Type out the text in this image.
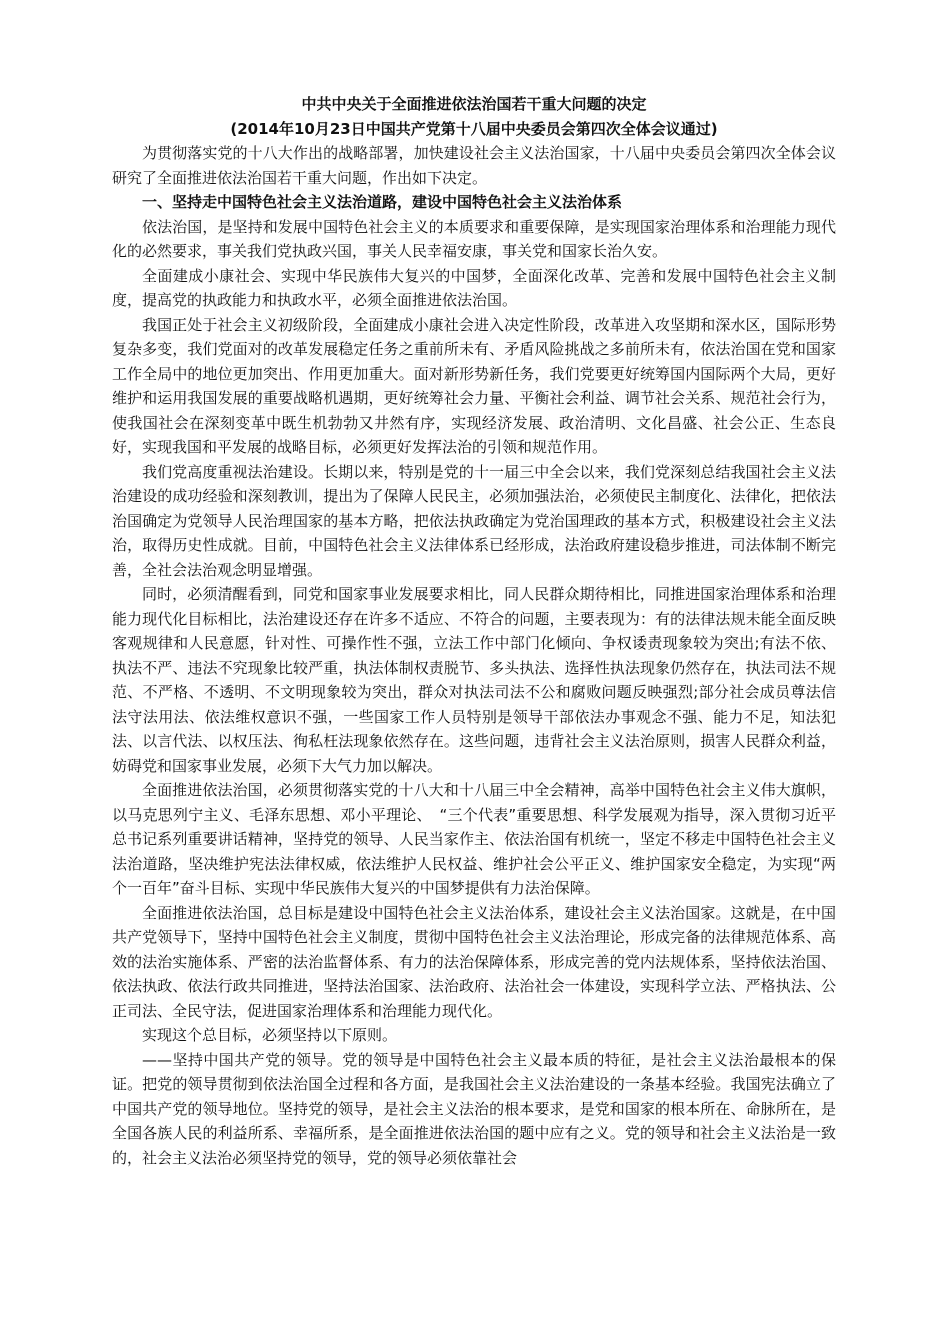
中共中央关于全面推进依法治国若干重大问题的决定
(2014年10月23日中国共产党第十八届中央委员会第四次全体会议通过)

为贯彻落实党的十八大作出的战略部署，加快建设社会主义法治国家，十八届中央委员会第四次全体会议研究了全面推进依法治国若干重大问题，作出如下决定。

一、坚持走中国特色社会主义法治道路，建设中国特色社会主义法治体系

依法治国，是坚持和发展中国特色社会主义的本质要求和重要保障，是实现国家治理体系和治理能力现代化的必然要求，事关我们党执政兴国，事关人民幸福安康，事关党和国家长治久安。

全面建成小康社会、实现中华民族伟大复兴的中国梦，全面深化改革、完善和发展中国特色社会主义制度，提高党的执政能力和执政水平，必须全面推进依法治国。

我国正处于社会主义初级阶段，全面建成小康社会进入决定性阶段，改革进入攻坚期和深水区，国际形势复杂多变，我们党面对的改革发展稳定任务之重前所未有、矛盾风险挑战之多前所未有，依法治国在党和国家工作全局中的地位更加突出、作用更加重大。面对新形势新任务，我们党要更好统筹国内国际两个大局，更好维护和运用我国发展的重要战略机遇期，更好统筹社会力量、平衡社会利益、调节社会关系、规范社会行为，使我国社会在深刻变革中既生机勃勃又井然有序，实现经济发展、政治清明、文化昌盛、社会公正、生态良好，实现我国和平发展的战略目标，必须更好发挥法治的引领和规范作用。

我们党高度重视法治建设。长期以来，特别是党的十一届三中全会以来，我们党深刻总结我国社会主义法治建设的成功经验和深刻教训，提出为了保障人民民主，必须加强法治，必须使民主制度化、法律化，把依法治国确定为党领导人民治理国家的基本方略，把依法执政确定为党治国理政的基本方式，积极建设社会主义法治，取得历史性成就。目前，中国特色社会主义法律体系已经形成，法治政府建设稳步推进，司法体制不断完善，全社会法治观念明显增强。

同时，必须清醒看到，同党和国家事业发展要求相比，同人民群众期待相比，同推进国家治理体系和治理能力现代化目标相比，法治建设还存在许多不适应、不符合的问题，主要表现为：有的法律法规未能全面反映客观规律和人民意愿，针对性、可操作性不强，立法工作中部门化倾向、争权诿责现象较为突出;有法不依、执法不严、违法不究现象比较严重，执法体制权责脱节、多头执法、选择性执法现象仍然存在，执法司法不规范、不严格、不透明、不文明现象较为突出，群众对执法司法不公和腐败问题反映强烈;部分社会成员尊法信法守法用法、依法维权意识不强，一些国家工作人员特别是领导干部依法办事观念不强、能力不足，知法犯法、以言代法、以权压法、徇私枉法现象依然存在。这些问题，违背社会主义法治原则，损害人民群众利益，妨碍党和国家事业发展，必须下大气力加以解决。

全面推进依法治国，必须贯彻落实党的十八大和十八届三中全会精神，高举中国特色社会主义伟大旗帜，以马克思列宁主义、毛泽东思想、邓小平理论、　“三个代表”重要思想、科学发展观为指导，深入贯彻习近平总书记系列重要讲话精神，坚持党的领导、人民当家作主、依法治国有机统一，坚定不移走中国特色社会主义法治道路，坚决维护宪法法律权威，依法维护人民权益、维护社会公平正义、维护国家安全稳定，为实现“两个一百年”奋斗目标、实现中华民族伟大复兴的中国梦提供有力法治保障。

全面推进依法治国，总目标是建设中国特色社会主义法治体系，建设社会主义法治国家。这就是，在中国共产党领导下，坚持中国特色社会主义制度，贯彻中国特色社会主义法治理论，形成完备的法律规范体系、高效的法治实施体系、严密的法治监督体系、有力的法治保障体系，形成完善的党内法规体系，坚持依法治国、依法执政、依法行政共同推进，坚持法治国家、法治政府、法治社会一体建设，实现科学立法、严格执法、公正司法、全民守法，促进国家治理体系和治理能力现代化。

实现这个总目标，必须坚持以下原则。

——坚持中国共产党的领导。党的领导是中国特色社会主义最本质的特征，是社会主义法治最根本的保证。把党的领导贯彻到依法治国全过程和各方面，是我国社会主义法治建设的一条基本经验。我国宪法确立了中国共产党的领导地位。坚持党的领导，是社会主义法治的根本要求，是党和国家的根本所在、命脉所在，是全国各族人民的利益所系、幸福所系，是全面推进依法治国的题中应有之义。党的领导和社会主义法治是一致的，社会主义法治必须坚持党的领导，党的领导必须依靠社会
